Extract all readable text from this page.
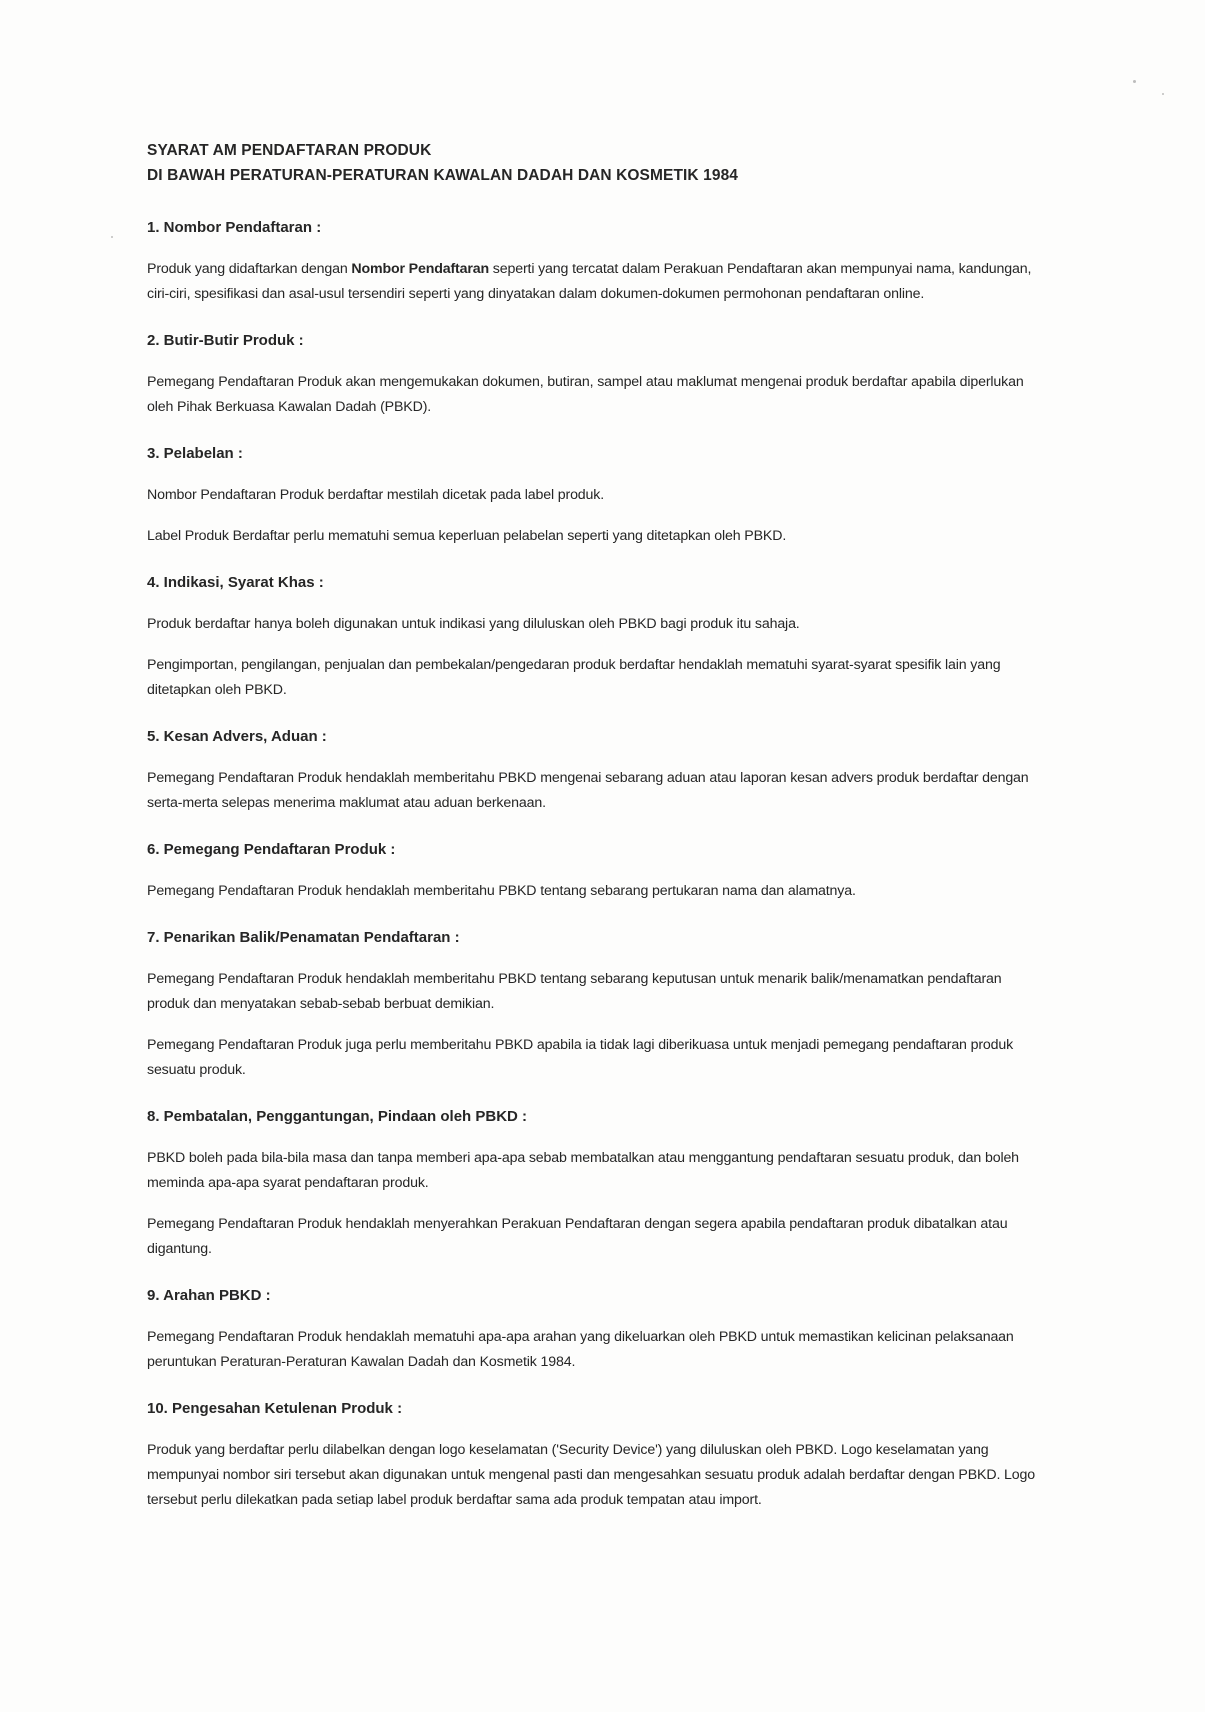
SYARAT AM PENDAFTARAN PRODUK

DI BAWAH PERATURAN-PERATURAN KAWALAN DADAH DAN KOSMETIK 1984

1. Nombor Pendaftaran :

Produk yang didaftarkan dengan Nombor Pendaftaran seperti yang tercatat dalam Perakuan Pendaftaran akan mempunyai nama, kandungan, ciri-ciri, spesifikasi dan asal-usul tersendiri seperti yang dinyatakan dalam dokumen-dokumen permohonan pendaftaran online.

2. Butir-Butir Produk :

Pemegang Pendaftaran Produk akan mengemukakan dokumen, butiran, sampel atau maklumat mengenai produk berdaftar apabila diperlukan oleh Pihak Berkuasa Kawalan Dadah (PBKD).

3. Pelabelan :

Nombor Pendaftaran Produk berdaftar mestilah dicetak pada label produk.

Label Produk Berdaftar perlu mematuhi semua keperluan pelabelan seperti yang ditetapkan oleh PBKD.

4. Indikasi, Syarat Khas :

Produk berdaftar hanya boleh digunakan untuk indikasi yang diluluskan oleh PBKD bagi produk itu sahaja.

Pengimportan, pengilangan, penjualan dan pembekalan/pengedaran produk berdaftar hendaklah mematuhi syarat-syarat spesifik lain yang ditetapkan oleh PBKD.

5. Kesan Advers, Aduan :

Pemegang Pendaftaran Produk hendaklah memberitahu PBKD mengenai sebarang aduan atau laporan kesan advers produk berdaftar dengan serta-merta selepas menerima maklumat atau aduan berkenaan.

6. Pemegang Pendaftaran Produk :

Pemegang Pendaftaran Produk hendaklah memberitahu PBKD tentang sebarang pertukaran nama dan alamatnya.

7. Penarikan Balik/Penamatan Pendaftaran :

Pemegang Pendaftaran Produk hendaklah memberitahu PBKD tentang sebarang keputusan untuk menarik balik/menamatkan pendaftaran produk dan menyatakan sebab-sebab berbuat demikian.

Pemegang Pendaftaran Produk juga perlu memberitahu PBKD apabila ia tidak lagi diberikuasa untuk menjadi pemegang pendaftaran produk sesuatu produk.

8. Pembatalan, Penggantungan, Pindaan oleh PBKD :

PBKD boleh pada bila-bila masa dan tanpa memberi apa-apa sebab membatalkan atau menggantung pendaftaran sesuatu produk, dan boleh meminda apa-apa syarat pendaftaran produk.

Pemegang Pendaftaran Produk hendaklah menyerahkan Perakuan Pendaftaran dengan segera apabila pendaftaran produk dibatalkan atau digantung.

9. Arahan PBKD :

Pemegang Pendaftaran Produk hendaklah mematuhi apa-apa arahan yang dikeluarkan oleh PBKD untuk memastikan kelicinan pelaksanaan peruntukan Peraturan-Peraturan Kawalan Dadah dan Kosmetik 1984.

10. Pengesahan Ketulenan Produk :

Produk yang berdaftar perlu dilabelkan dengan logo keselamatan ('Security Device') yang diluluskan oleh PBKD. Logo keselamatan yang mempunyai nombor siri tersebut akan digunakan untuk mengenal pasti dan mengesahkan sesuatu produk adalah berdaftar dengan PBKD. Logo tersebut perlu dilekatkan pada setiap label produk berdaftar sama ada produk tempatan atau import.
